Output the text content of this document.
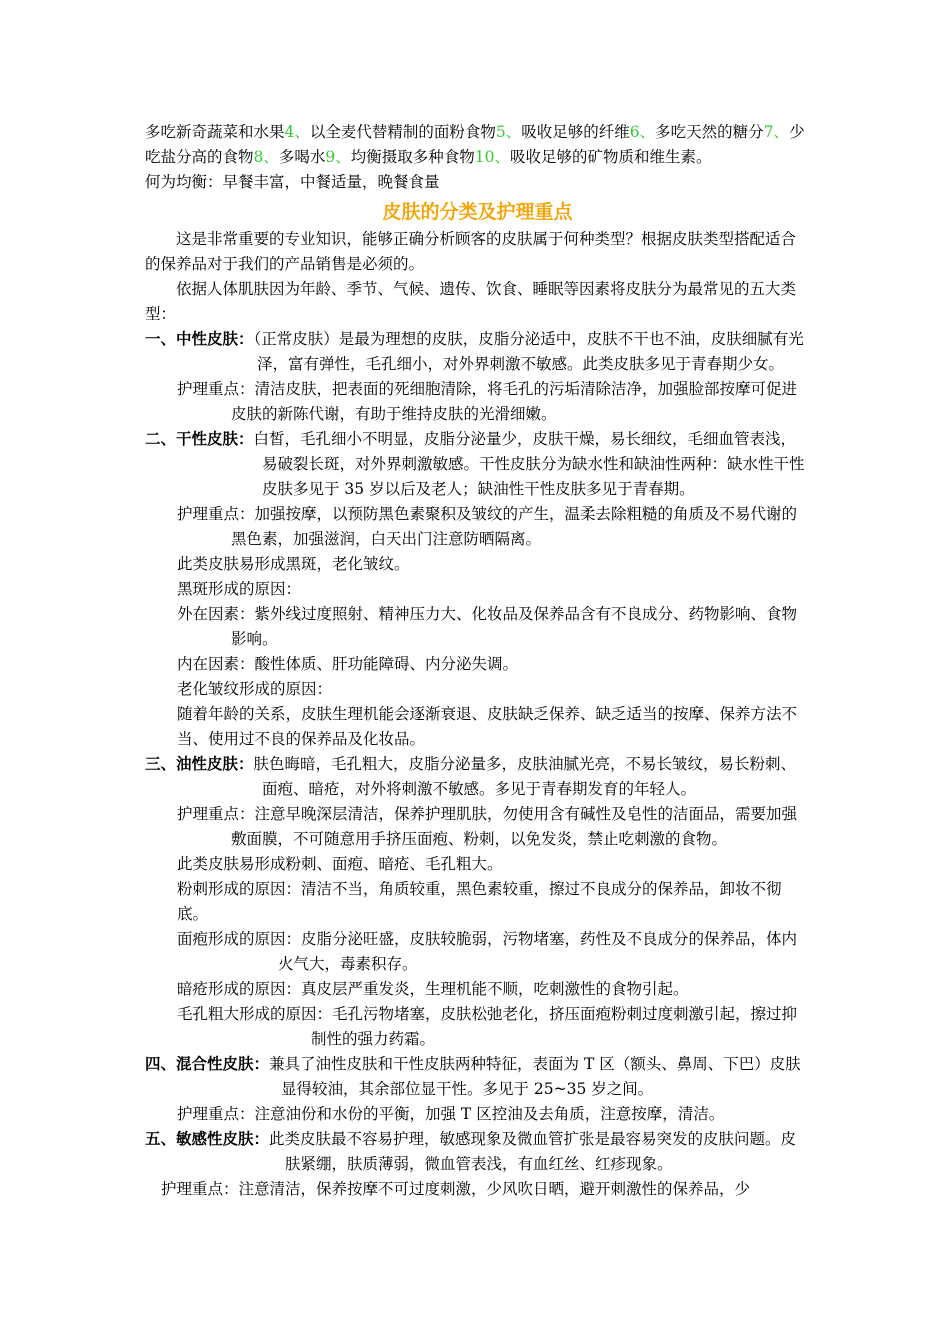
多吃新奇蔬菜和水果4、以全麦代替精制的面粉食物5、吸收足够的纤维6、多吃天然的糖分7、少吃盐分高的食物8、多喝水9、均衡摄取多种食物10、吸收足够的矿物质和维生素。

何为均衡：早餐丰富，中餐适量，晚餐食量

皮肤的分类及护理重点

这是非常重要的专业知识，能够正确分析顾客的皮肤属于何种类型？根据皮肤类型搭配适合的保养品对于我们的产品销售是必须的。

依据人体肌肤因为年龄、季节、气候、遗传、饮食、睡眠等因素将皮肤分为最常见的五大类型：

一、中性皮肤：（正常皮肤）是最为理想的皮肤，皮脂分泌适中，皮肤不干也不油，皮肤细腻有光泽，富有弹性，毛孔细小，对外界刺激不敏感。此类皮肤多见于青春期少女。

护理重点：清洁皮肤，把表面的死细胞清除，将毛孔的污垢清除洁净，加强脸部按摩可促进皮肤的新陈代谢，有助于维持皮肤的光滑细嫩。

二、干性皮肤：白皙，毛孔细小不明显，皮脂分泌量少，皮肤干燥，易长细纹，毛细血管表浅，易破裂长斑，对外界刺激敏感。干性皮肤分为缺水性和缺油性两种：缺水性干性皮肤多见于 35 岁以后及老人；缺油性干性皮肤多见于青春期。

护理重点：加强按摩，以预防黑色素聚积及皱纹的产生，温柔去除粗糙的角质及不易代谢的黑色素，加强滋润，白天出门注意防晒隔离。

此类皮肤易形成黑斑，老化皱纹。

黑斑形成的原因：

外在因素：紫外线过度照射、精神压力大、化妆品及保养品含有不良成分、药物影响、食物影响。

内在因素：酸性体质、肝功能障碍、内分泌失调。

老化皱纹形成的原因：

随着年龄的关系，皮肤生理机能会逐渐衰退、皮肤缺乏保养、缺乏适当的按摩、保养方法不当、使用过不良的保养品及化妆品。

三、油性皮肤：肤色晦暗，毛孔粗大，皮脂分泌量多，皮肤油腻光亮，不易长皱纹，易长粉刺、面疱、暗疮，对外将刺激不敏感。多见于青春期发育的年轻人。

护理重点：注意早晚深层清洁，保养护理肌肤，勿使用含有碱性及皂性的洁面品，需要加强敷面膜，不可随意用手挤压面疱、粉刺，以免发炎，禁止吃刺激的食物。

此类皮肤易形成粉刺、面疱、暗疮、毛孔粗大。

粉刺形成的原因：清洁不当，角质较重，黑色素较重，擦过不良成分的保养品，卸妆不彻底。

面疱形成的原因：皮脂分泌旺盛，皮肤较脆弱，污物堵塞，药性及不良成分的保养品，体内火气大，毒素积存。

暗疮形成的原因：真皮层严重发炎，生理机能不顺，吃刺激性的食物引起。

毛孔粗大形成的原因：毛孔污物堵塞，皮肤松弛老化，挤压面疱粉刺过度刺激引起，擦过抑制性的强力药霜。

四、混合性皮肤：兼具了油性皮肤和干性皮肤两种特征，表面为 T 区（额头、鼻周、下巴）皮肤显得较油，其余部位显干性。多见于 25~35 岁之间。

护理重点：注意油份和水份的平衡，加强 T 区控油及去角质，注意按摩，清洁。

五、敏感性皮肤：此类皮肤最不容易护理，敏感现象及微血管扩张是最容易突发的皮肤问题。皮肤紧绷，肤质薄弱，微血管表浅，有血红丝、红疹现象。

护理重点：注意清洁，保养按摩不可过度刺激，少风吹日晒，避开刺激性的保养品，少
